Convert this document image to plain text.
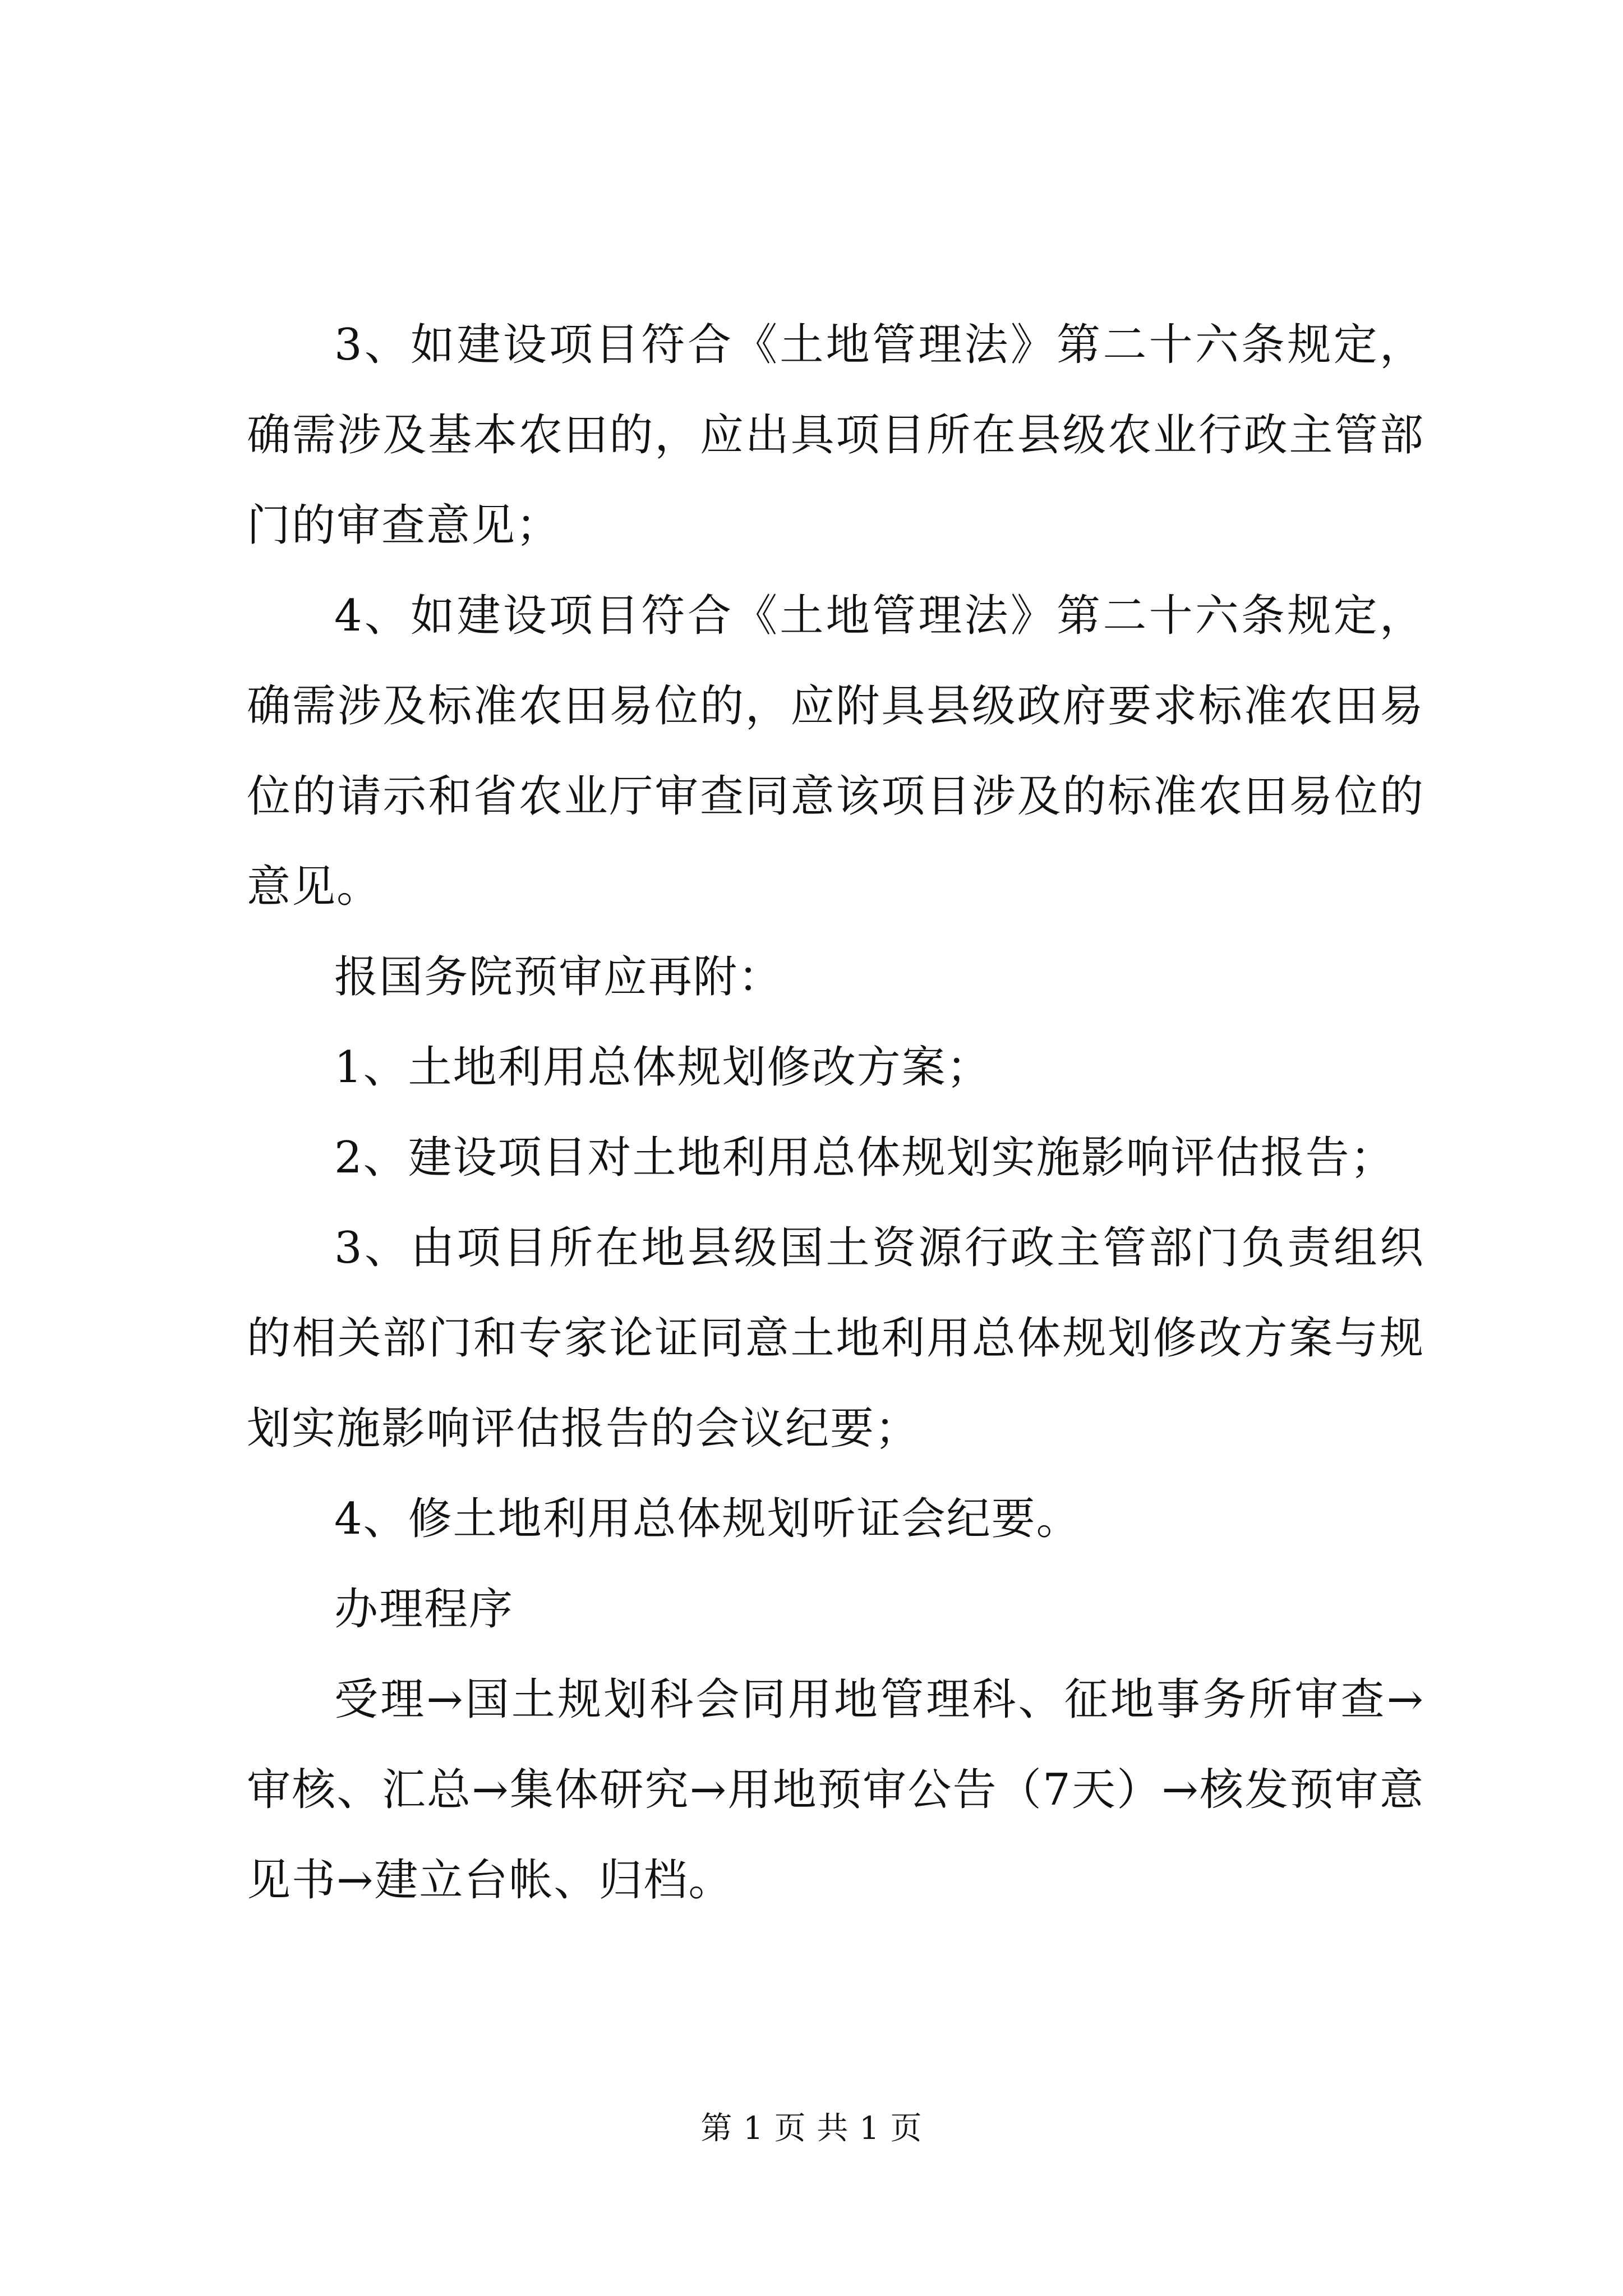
3、如建设项目符合《土地管理法》第二十六条规定，确需涉及基本农田的，应出具项目所在县级农业行政主管部门的审查意见；

4、如建设项目符合《土地管理法》第二十六条规定，确需涉及标准农田易位的，应附具县级政府要求标准农田易位的请示和省农业厅审查同意该项目涉及的标准农田易位的意见。

报国务院预审应再附：

1、土地利用总体规划修改方案；

2、建设项目对土地利用总体规划实施影响评估报告；

3、由项目所在地县级国土资源行政主管部门负责组织的相关部门和专家论证同意土地利用总体规划修改方案与规划实施影响评估报告的会议纪要；

4、修土地利用总体规划听证会纪要。

办理程序

受理→国土规划科会同用地管理科、征地事务所审查→审核、汇总→集体研究→用地预审公告（7天）→核发预审意见书→建立台帐、归档。

第 1 页 共 1 页
